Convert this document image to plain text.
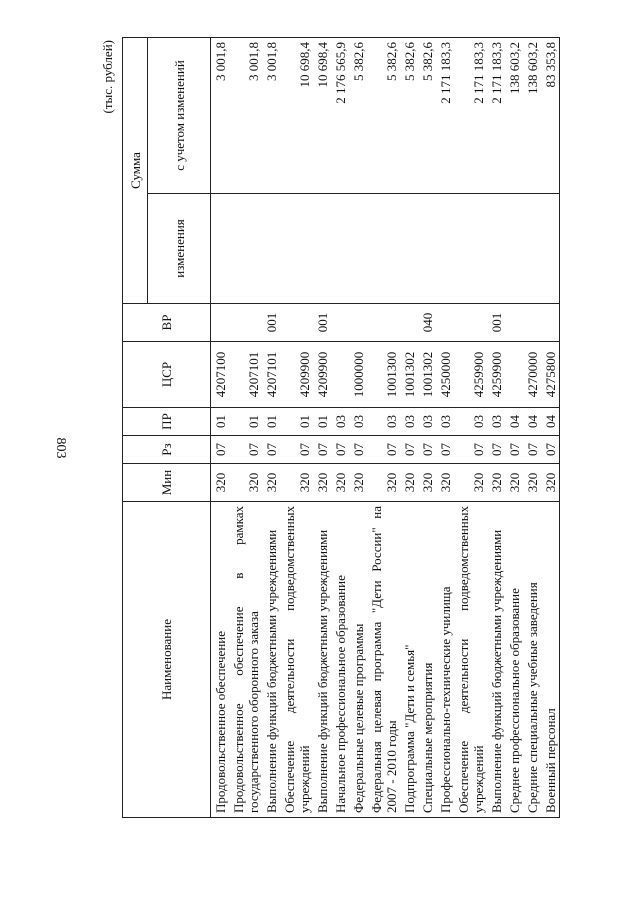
803
(тыс. рублей)
Наименование	Мин	Рз	ПР	ЦСР	ВР	Сумма	
						изменения	с учетом изменений

Продовольственное обеспечение	320	07	01	4207100			3 001,8

Продовольственное обеспечение в рамках государственного оборонного заказа	320	07	01	4207101			3 001,8

Выполнение функций бюджетными учреждениями	320	07	01	4207101	001		3 001,8

Обеспечение деятельности подведомственных учреждений	320	07	01	4209900			10 698,4

Выполнение функций бюджетными учреждениями	320	07	01	4209900	001		10 698,4

Начальное профессиональное образование	320	07	03				2 176 565,9

Федеральные целевые программы	320	07	03	1000000			5 382,6

Федеральная целевая программа "Дети России" на 2007 - 2010 годы	320	07	03	1001300			5 382,6

Подпрограмма "Дети и семья"	320	07	03	1001302			5 382,6

Специальные мероприятия	320	07	03	1001302	040		5 382,6

Профессионально-технические училища	320	07	03	4250000			2 171 183,3

Обеспечение деятельности подведомственных учреждений	320	07	03	4259900			2 171 183,3

Выполнение функций бюджетными учреждениями	320	07	03	4259900	001		2 171 183,3

Среднее профессиональное образование	320	07	04				138 603,2

Средние специальные учебные заведения	320	07	04	4270000			138 603,2

Военный персонал	320	07	04	4275800			83 353,8
